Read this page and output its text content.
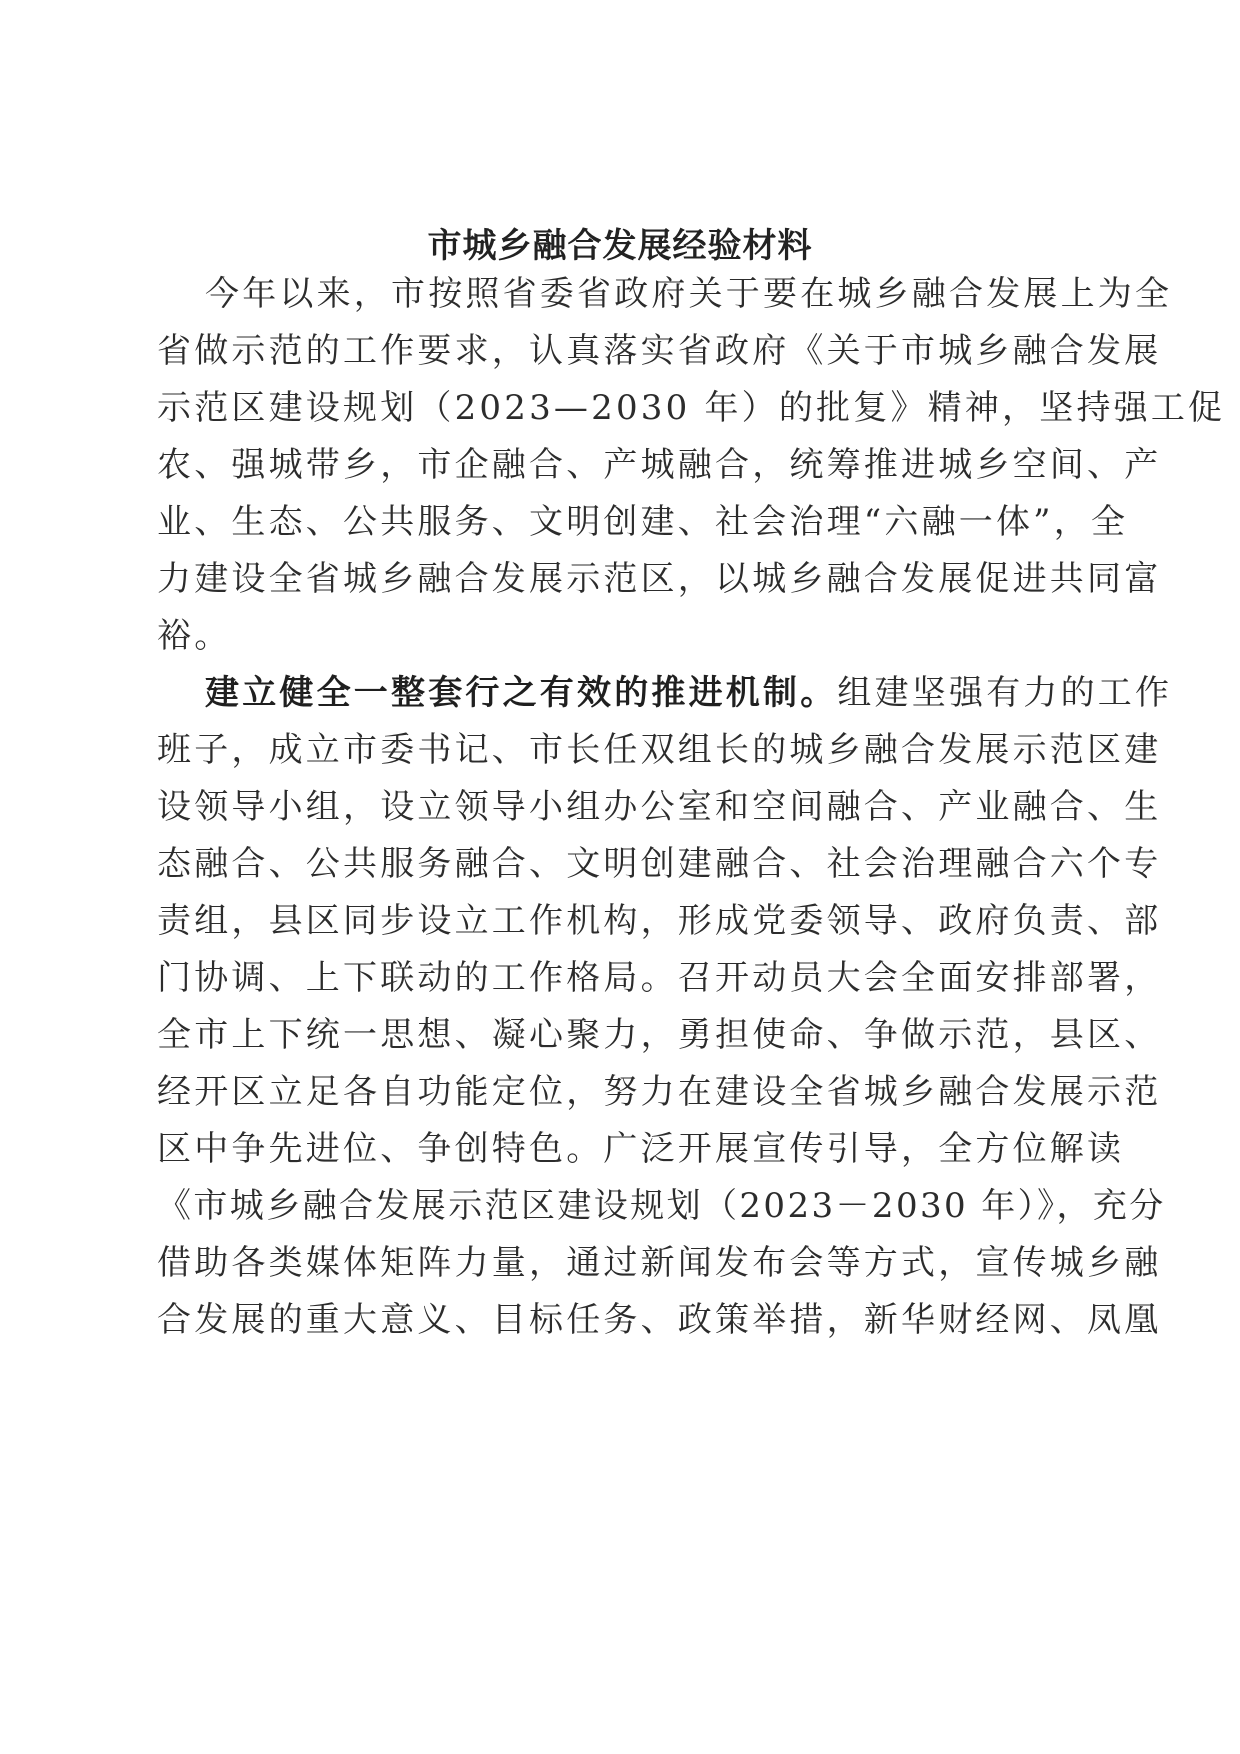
市城乡融合发展经验材料
今年以来，市按照省委省政府关于要在城乡融合发展上为全
省做示范的工作要求，认真落实省政府《关于市城乡融合发展
示范区建设规划（2023—2030 年）的批复》精神，坚持强工促
农、强城带乡，市企融合、产城融合，统筹推进城乡空间、产
业、生态、公共服务、文明创建、社会治理“六融一体”，全
力建设全省城乡融合发展示范区，以城乡融合发展促进共同富
裕。
建立健全一整套行之有效的推进机制。组建坚强有力的工作
班子，成立市委书记、市长任双组长的城乡融合发展示范区建
设领导小组，设立领导小组办公室和空间融合、产业融合、生
态融合、公共服务融合、文明创建融合、社会治理融合六个专
责组，县区同步设立工作机构，形成党委领导、政府负责、部
门协调、上下联动的工作格局。召开动员大会全面安排部署，
全市上下统一思想、凝心聚力，勇担使命、争做示范，县区、
经开区立足各自功能定位，努力在建设全省城乡融合发展示范
区中争先进位、争创特色。广泛开展宣传引导，全方位解读
《市城乡融合发展示范区建设规划（2023－2030 年）》，充分
借助各类媒体矩阵力量，通过新闻发布会等方式，宣传城乡融
合发展的重大意义、目标任务、政策举措，新华财经网、凤凰
